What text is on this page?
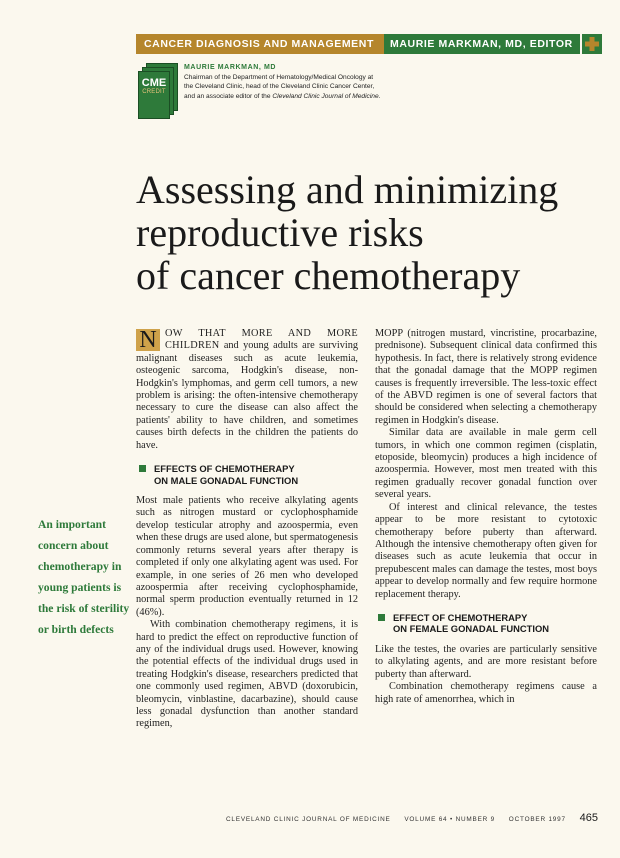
CANCER DIAGNOSIS AND MANAGEMENT	MAURIE MARKMAN, MD, EDITOR
CME
CREDIT
MAURIE MARKMAN, MD
Chairman of the Department of Hematology/Medical Oncology at the Cleveland Clinic, head of the Cleveland Clinic Cancer Center, and an associate editor of the Cleveland Clinic Journal of Medicine.
Assessing and minimizing
reproductive risks
of cancer chemotherapy

N OW THAT MORE AND MORE CHILDREN and young adults are surviving malignant diseases such as acute leukemia, osteogenic sarcoma, Hodgkin's disease, non-Hodgkin's lymphomas, and germ cell tumors, a new problem is arising: the often-intensive chemotherapy necessary to cure the disease can also affect the patients' ability to have children, and sometimes causes birth defects in the children the patients do have.

EFFECTS OF CHEMOTHERAPY
ON MALE GONADAL FUNCTION

Most male patients who receive alkylating agents such as nitrogen mustard or cyclophosphamide develop testicular atrophy and azoospermia, even when these drugs are used alone, but spermatogenesis commonly returns several years after therapy is completed if only one alkylating agent was used. For example, in one series of 26 men who developed azoospermia after receiving cyclophosphamide, normal sperm production eventually returned in 12 (46%).

With combination chemotherapy regimens, it is hard to predict the effect on reproductive function of any of the individual drugs used. However, knowing the potential effects of the individual drugs used in treating Hodgkin's disease, researchers predicted that one commonly used regimen, ABVD (doxorubicin, bleomycin, vinblastine, dacarbazine), should cause less gonadal dysfunction than another standard regimen,

MOPP (nitrogen mustard, vincristine, procarbazine, prednisone). Subsequent clinical data confirmed this hypothesis. In fact, there is relatively strong evidence that the gonadal damage that the MOPP regimen causes is frequently irreversible. The less-toxic effect of the ABVD regimen is one of several factors that should be considered when selecting a chemotherapy regimen in Hodgkin's disease.

Similar data are available in male germ cell tumors, in which one common regimen (cisplatin, etoposide, bleomycin) produces a high incidence of azoospermia. However, most men treated with this regimen gradually recover gonadal function over several years.

Of interest and clinical relevance, the testes appear to be more resistant to cytotoxic chemotherapy before puberty than afterward. Although the intensive chemotherapy often given for diseases such as acute leukemia that occur in prepubescent males can damage the testes, most boys appear to develop normally and few require hormone replacement therapy.

EFFECT OF CHEMOTHERAPY
ON FEMALE GONADAL FUNCTION

Like the testes, the ovaries are particularly sensitive to alkylating agents, and are more resistant before puberty than afterward.

Combination chemotherapy regimens cause a high rate of amenorrhea, which in

An important concern about chemotherapy in young patients is the risk of sterility or birth defects
CLEVELAND CLINIC JOURNAL OF MEDICINE VOLUME 64 • NUMBER 9 OCTOBER 1997 465
